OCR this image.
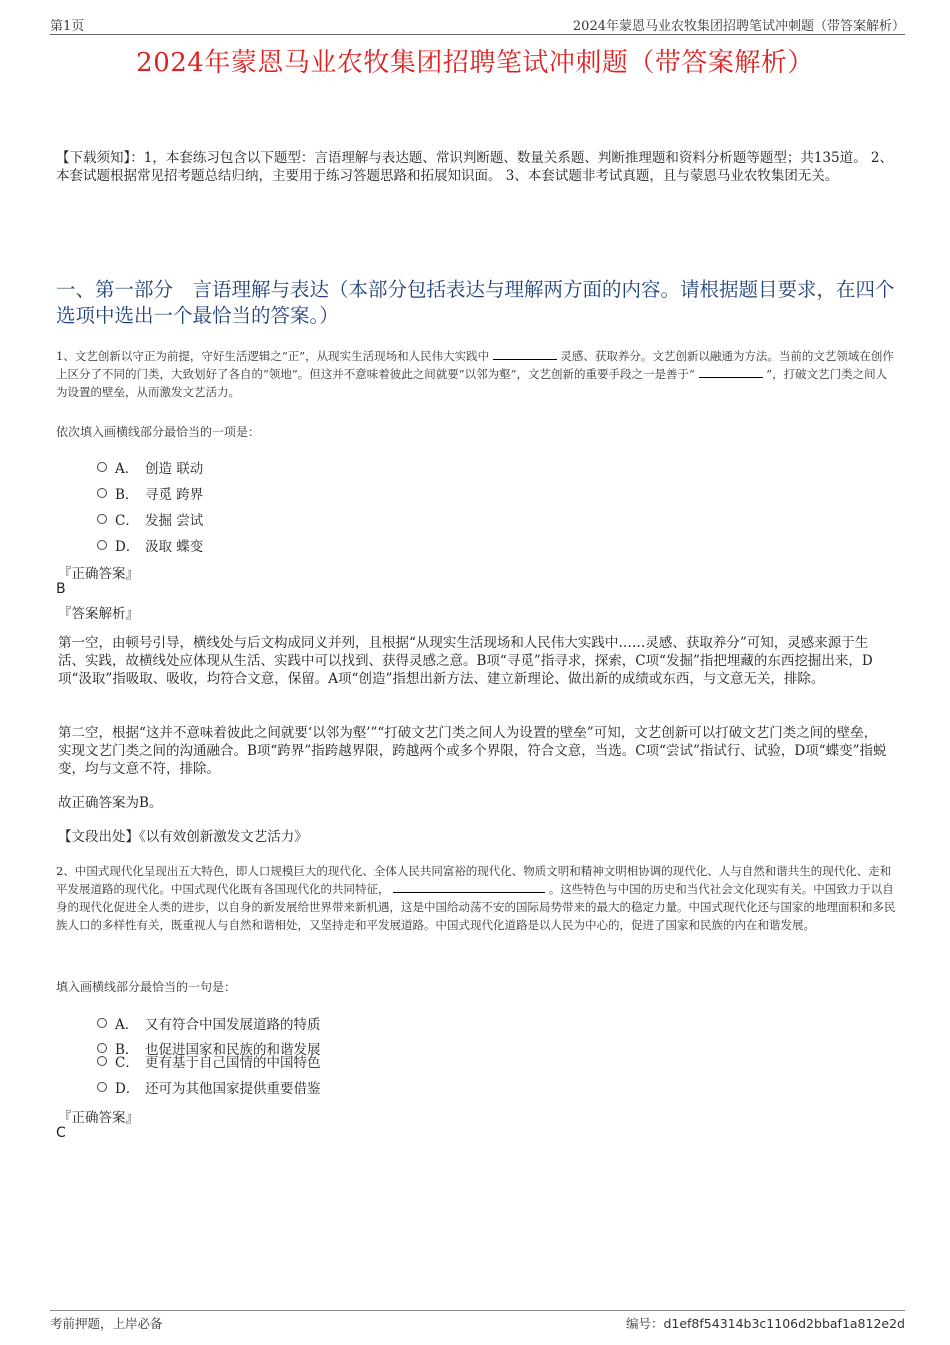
第1页	2024年蒙恩马业农牧集团招聘笔试冲刺题（带答案解析）
2024年蒙恩马业农牧集团招聘笔试冲刺题（带答案解析）
【下载须知】：1，本套练习包含以下题型：言语理解与表达题、常识判断题、数量关系题、判断推理题和资料分析题等题型；共135道。 2、本套试题根据常见招考题总结归纳，主要用于练习答题思路和拓展知识面。 3、本套试题非考试真题，且与蒙恩马业农牧集团无关。
一、第一部分　言语理解与表达（本部分包括表达与理解两方面的内容。请根据题目要求，在四个选项中选出一个最恰当的答案。）
1、文艺创新以守正为前提，守好生活逻辑之“正”，从现实生活现场和人民伟大实践中	灵感、获取养分。文艺创新以融通为方法。当前的文艺领域在创作上区分了不同的门类，大致划好了各自的“领地”。但这并不意味着彼此之间就要“以邻为壑”，文艺创新的重要手段之一是善于“	”，打破文艺门类之间人为设置的壁垒，从而激发文艺活力。
依次填入画横线部分最恰当的一项是：
A． 创造 联动
B． 寻觅 跨界
C． 发掘 尝试
D． 汲取 蝶变
『正确答案』
B
『答案解析』
第一空，由顿号引导，横线处与后文构成同义并列，且根据“从现实生活现场和人民伟大实践中……灵感、获取养分”可知，灵感来源于生活、实践，故横线处应体现从生活、实践中可以找到、获得灵感之意。B项“寻觅”指寻求，探索，C项“发掘”指把埋藏的东西挖掘出来，D项“汲取”指吸取、吸收，均符合文意，保留。A项“创造”指想出新方法、建立新理论、做出新的成绩或东西，与文意无关，排除。
第二空，根据“这并不意味着彼此之间就要‘以邻为壑’”“打破文艺门类之间人为设置的壁垒”可知，文艺创新可以打破文艺门类之间的壁垒，实现文艺门类之间的沟通融合。B项“跨界”指跨越界限，跨越两个或多个界限，符合文意，当选。C项“尝试”指试行、试验，D项“蝶变”指蜕变，均与文意不符，排除。
故正确答案为B。
【文段出处】《以有效创新激发文艺活力》
2、中国式现代化呈现出五大特色，即人口规模巨大的现代化、全体人民共同富裕的现代化、物质文明和精神文明相协调的现代化、人与自然和谐共生的现代化、走和平发展道路的现代化。中国式现代化既有各国现代化的共同特征，	。这些特色与中国的历史和当代社会文化现实有关。中国致力于以自身的现代化促进全人类的进步，以自身的新发展给世界带来新机遇，这是中国给动荡不安的国际局势带来的最大的稳定力量。中国式现代化还与国家的地理面积和多民族人口的多样性有关，既重视人与自然和谐相处，又坚持走和平发展道路。中国式现代化道路是以人民为中心的，促进了国家和民族的内在和谐发展。
填入画横线部分最恰当的一句是：
A． 又有符合中国发展道路的特质
B． 也促进国家和民族的和谐发展
C． 更有基于自己国情的中国特色
D． 还可为其他国家提供重要借鉴
『正确答案』
C
考前押题，上岸必备	编号：d1ef8f54314b3c1106d2bbaf1a812e2d
